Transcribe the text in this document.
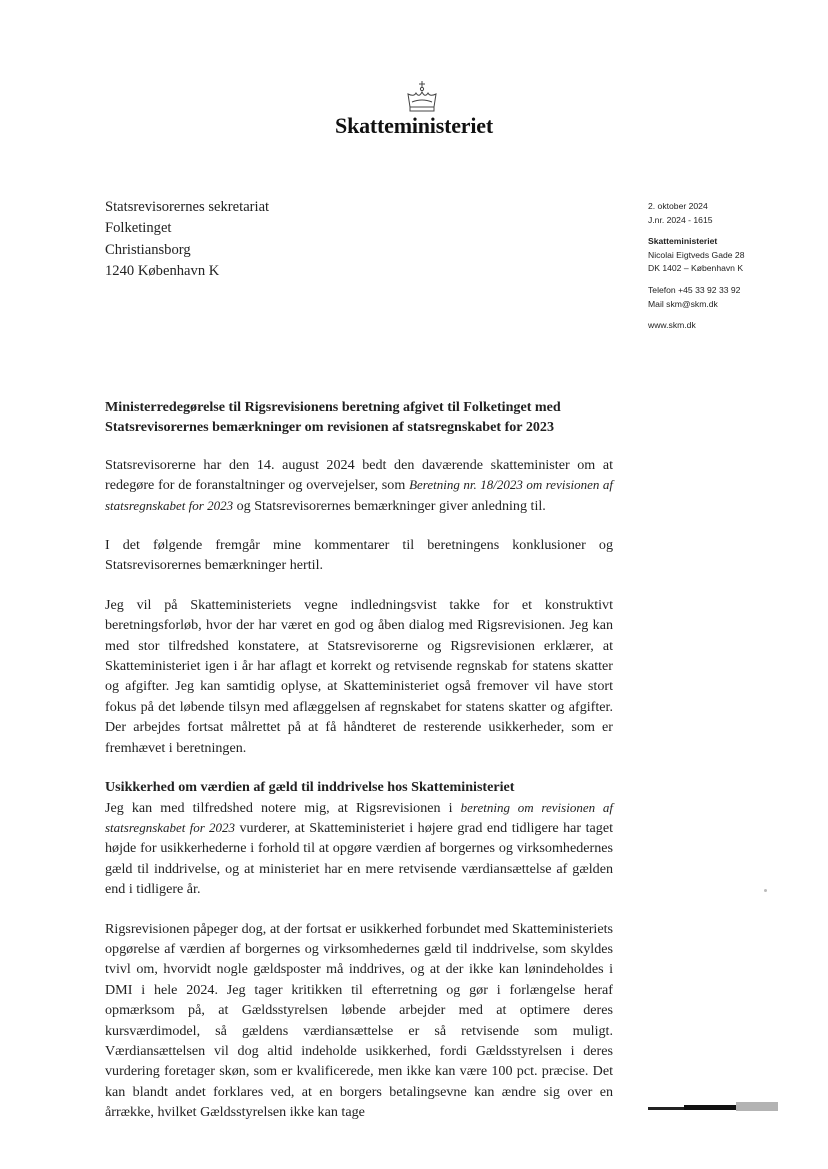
Skatteministeriet
Statsrevisorernes sekretariat
Folketinget
Christiansborg
1240 København K
2. oktober 2024
J.nr. 2024 - 1615
Skatteministeriet
Nicolai Eigtveds Gade 28
DK 1402 – København K
Telefon +45 33 92 33 92
Mail skm@skm.dk
www.skm.dk
Ministerredegørelse til Rigsrevisionens beretning afgivet til Folketinget med Statsrevisorernes bemærkninger om revisionen af statsregnskabet for 2023

Statsrevisorerne har den 14. august 2024 bedt den daværende skatteminister om at redegøre for de foranstaltninger og overvejelser, som Beretning nr. 18/2023 om revisionen af statsregnskabet for 2023 og Statsrevisorernes bemærkninger giver anledning til.

I det følgende fremgår mine kommentarer til beretningens konklusioner og Statsrevisorernes bemærkninger hertil.

Jeg vil på Skatteministeriets vegne indledningsvist takke for et konstruktivt beretningsforløb, hvor der har været en god og åben dialog med Rigsrevisionen. Jeg kan med stor tilfredshed konstatere, at Statsrevisorerne og Rigsrevisionen erklærer, at Skatteministeriet igen i år har aflagt et korrekt og retvisende regnskab for statens skatter og afgifter. Jeg kan samtidig oplyse, at Skatteministeriet også fremover vil have stort fokus på det løbende tilsyn med aflæggelsen af regnskabet for statens skatter og afgifter. Der arbejdes fortsat målrettet på at få håndteret de resterende usikkerheder, som er fremhævet i beretningen.

Usikkerhed om værdien af gæld til inddrivelse hos Skatteministeriet

Jeg kan med tilfredshed notere mig, at Rigsrevisionen i beretning om revisionen af statsregnskabet for 2023 vurderer, at Skatteministeriet i højere grad end tidligere har taget højde for usikkerhederne i forhold til at opgøre værdien af borgernes og virksomhedernes gæld til inddrivelse, og at ministeriet har en mere retvisende værdiansættelse af gælden end i tidligere år.

Rigsrevisionen påpeger dog, at der fortsat er usikkerhed forbundet med Skatteministeriets opgørelse af værdien af borgernes og virksomhedernes gæld til inddrivelse, som skyldes tvivl om, hvorvidt nogle gældsposter må inddrives, og at der ikke kan lønindeholdes i DMI i hele 2024. Jeg tager kritikken til efterretning og gør i forlængelse heraf opmærksom på, at Gældsstyrelsen løbende arbejder med at optimere deres kursværdimodel, så gældens værdiansættelse er så retvisende som muligt. Værdiansættelsen vil dog altid indeholde usikkerhed, fordi Gældsstyrelsen i deres vurdering foretager skøn, som er kvalificerede, men ikke kan være 100 pct. præcise. Det kan blandt andet forklares ved, at en borgers betalingsevne kan ændre sig over en årrække, hvilket Gældsstyrelsen ikke kan tage
